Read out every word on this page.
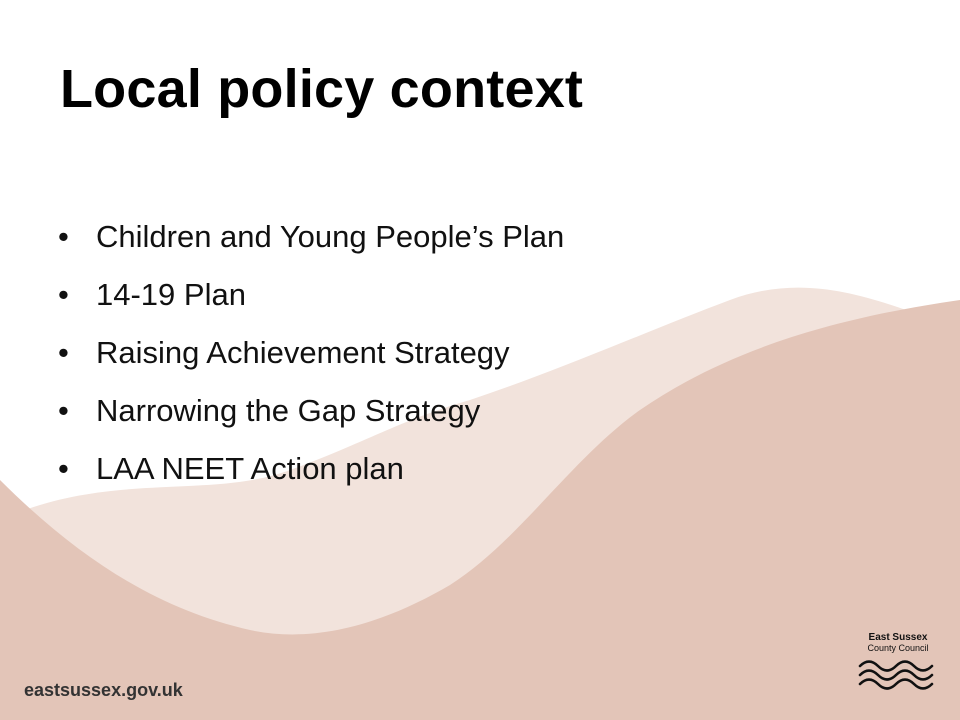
Local policy context
• Children and Young People’s Plan
• 14-19 Plan
• Raising Achievement Strategy
• Narrowing the Gap Strategy
• LAA NEET Action plan
eastsussex.gov.uk
East Sussex
County Council
